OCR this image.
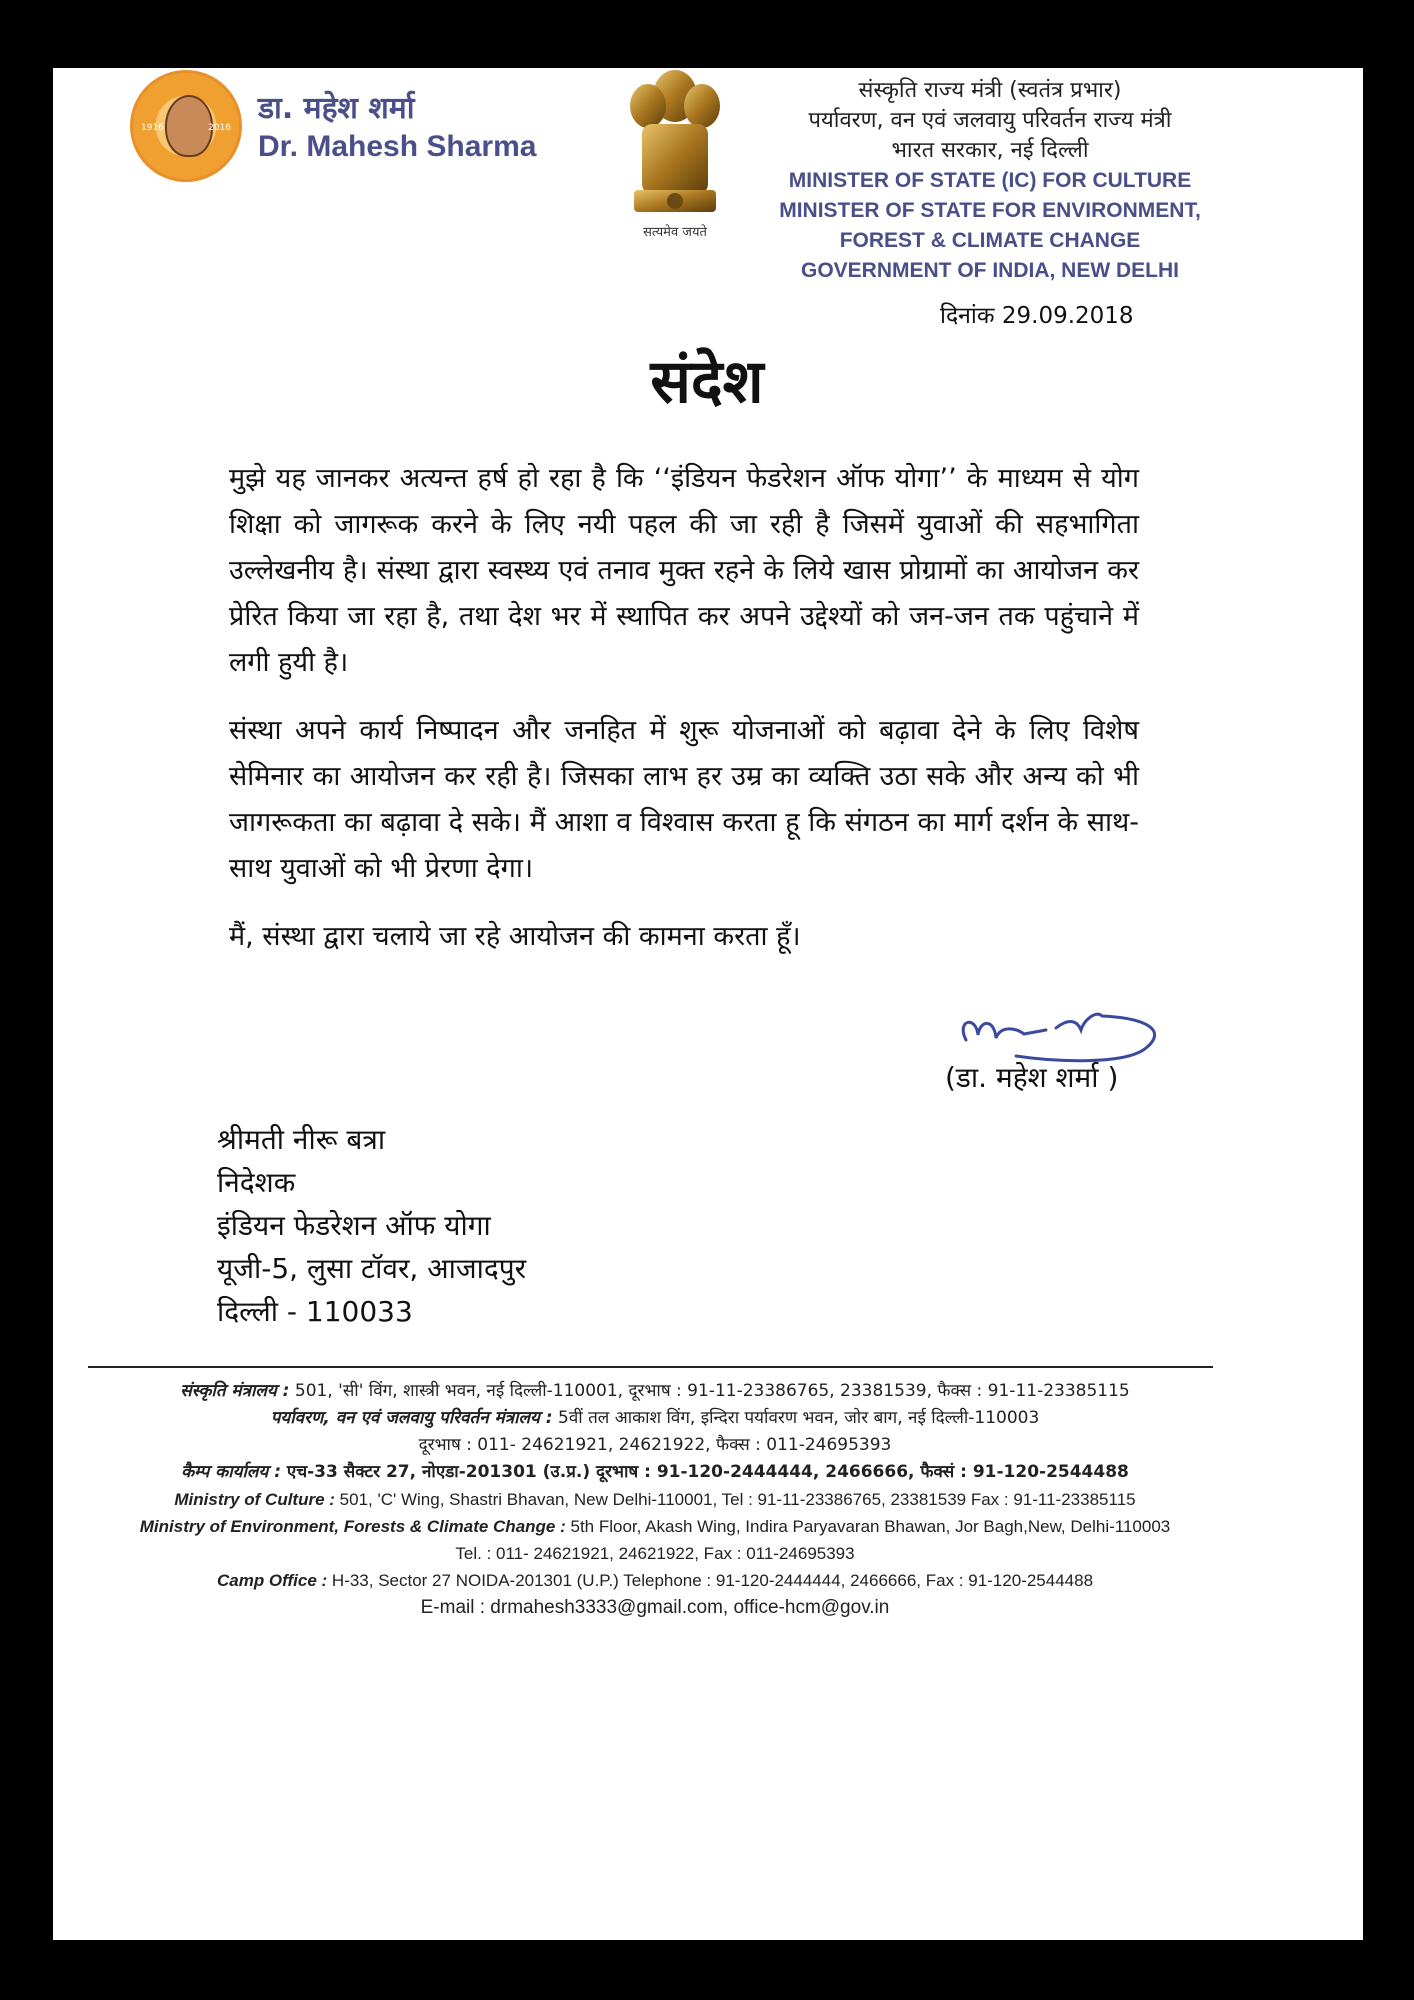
1916	2016
डा. महेश शर्मा
Dr. Mahesh Sharma
सत्यमेव जयते
संस्कृति राज्य मंत्री (स्वतंत्र प्रभार)
पर्यावरण, वन एवं जलवायु परिवर्तन राज्य मंत्री
भारत सरकार, नई दिल्ली
MINISTER OF STATE (IC) FOR CULTURE
MINISTER OF STATE FOR ENVIRONMENT,
FOREST & CLIMATE CHANGE
GOVERNMENT OF INDIA, NEW DELHI
दिनांक 29.09.2018
संदेश

मुझे यह जानकर अत्यन्त हर्ष हो रहा है कि ‘‘इंडियन फेडरेशन ऑफ योगा’’ के माध्यम से योग शिक्षा को जागरूक करने के लिए नयी पहल की जा रही है जिसमें युवाओं की सहभागिता उल्लेखनीय है। संस्था द्वारा स्वस्थ्य एवं तनाव मुक्त रहने के लिये खास प्रोग्रामों का आयोजन कर प्रेरित किया जा रहा है, तथा देश भर में स्थापित कर अपने उद्देश्यों को जन-जन तक पहुंचाने में लगी हुयी है।

संस्था अपने कार्य निष्पादन और जनहित में शुरू योजनाओं को बढ़ावा देने के लिए विशेष सेमिनार का आयोजन कर रही है। जिसका लाभ हर उम्र का व्यक्ति उठा सके और अन्य को भी जागरूकता का बढ़ावा दे सके। मैं आशा व विश्वास करता हू कि संगठन का मार्ग दर्शन के साथ-साथ युवाओं को भी प्रेरणा देगा।

मैं, संस्था द्वारा चलाये जा रहे आयोजन की कामना करता हूँ।

(डा. महेश शर्मा )
श्रीमती नीरू बत्रा
निदेशक
इंडियन फेडरेशन ऑफ योगा
यूजी-5, लुसा टॉवर, आजादपुर
दिल्ली - 110033
संस्कृति मंत्रालय : 501, 'सी' विंग, शास्त्री भवन, नई दिल्ली-110001, दूरभाष : 91-11-23386765, 23381539, फैक्स : 91-11-23385115
पर्यावरण, वन एवं जलवायु परिवर्तन मंत्रालय : 5वीं तल आकाश विंग, इन्दिरा पर्यावरण भवन, जोर बाग, नई दिल्ली-110003
दूरभाष : 011- 24621921, 24621922, फैक्स : 011-24695393
कैम्प कार्यालय : एच-33 सैक्टर 27, नोएडा-201301 (उ.प्र.) दूरभाष : 91-120-2444444, 2466666, फैक्सं : 91-120-2544488
Ministry of Culture : 501, 'C' Wing, Shastri Bhavan, New Delhi-110001, Tel : 91-11-23386765, 23381539 Fax : 91-11-23385115
Ministry of Environment, Forests & Climate Change : 5th Floor, Akash Wing, Indira Paryavaran Bhawan, Jor Bagh,New, Delhi-110003
Tel. : 011- 24621921, 24621922, Fax : 011-24695393
Camp Office : H-33, Sector 27 NOIDA-201301 (U.P.) Telephone : 91-120-2444444, 2466666, Fax : 91-120-2544488
E-mail : drmahesh3333@gmail.com, office-hcm@gov.in
